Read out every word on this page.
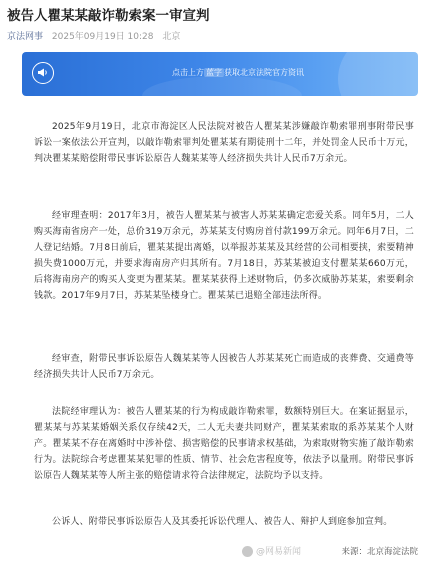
被告人瞿某某敲诈勒索案一审宣判
京法网事 2025年09月19日 10:28 北京
点击上方 蓝字 获取北京法院官方资讯

2025年9月19日，北京市海淀区人民法院对被告人瞿某某涉嫌敲诈勒索罪刑事附带民事诉讼一案依法公开宣判，以敲诈勒索罪判处瞿某某有期徒刑十二年，并处罚金人民币十万元，判决瞿某某赔偿附带民事诉讼原告人魏某某等人经济损失共计人民币7万余元。

经审理查明：2017年3月，被告人瞿某某与被害人苏某某确定恋爱关系。同年5月，二人购买海南省房产一处，总价319万余元，苏某某支付购房首付款199万余元。同年6月7日，二人登记结婚。7月8日前后，瞿某某提出离婚，以举报苏某某及其经营的公司相要挟，索要精神损失费1000万元，并要求海南房产归其所有。7月18日，苏某某被迫支付瞿某某660万元，后将海南房产的购买人变更为瞿某某。瞿某某获得上述财物后，仍多次威胁苏某某，索要剩余钱款。2017年9月7日，苏某某坠楼身亡。瞿某某已退赔全部违法所得。

经审查，附带民事诉讼原告人魏某某等人因被告人苏某某死亡而造成的丧葬费、交通费等经济损失共计人民币7万余元。

法院经审理认为：被告人瞿某某的行为构成敲诈勒索罪，数额特别巨大。在案证据显示，瞿某某与苏某某婚姻关系仅存续42天，二人无夫妻共同财产，瞿某某索取的系苏某某个人财产。瞿某某不存在离婚时中涉补偿、损害赔偿的民事请求权基础，为索取财物实施了敲诈勒索行为。法院综合考虑瞿某某犯罪的性质、情节、社会危害程度等，依法予以量刑。附带民事诉讼原告人魏某某等人所主张的赔偿请求符合法律规定，法院均予以支持。

公诉人、附带民事诉讼原告人及其委托诉讼代理人、被告人、辩护人到庭参加宣判。

@网易新闻	来源：北京海淀法院
